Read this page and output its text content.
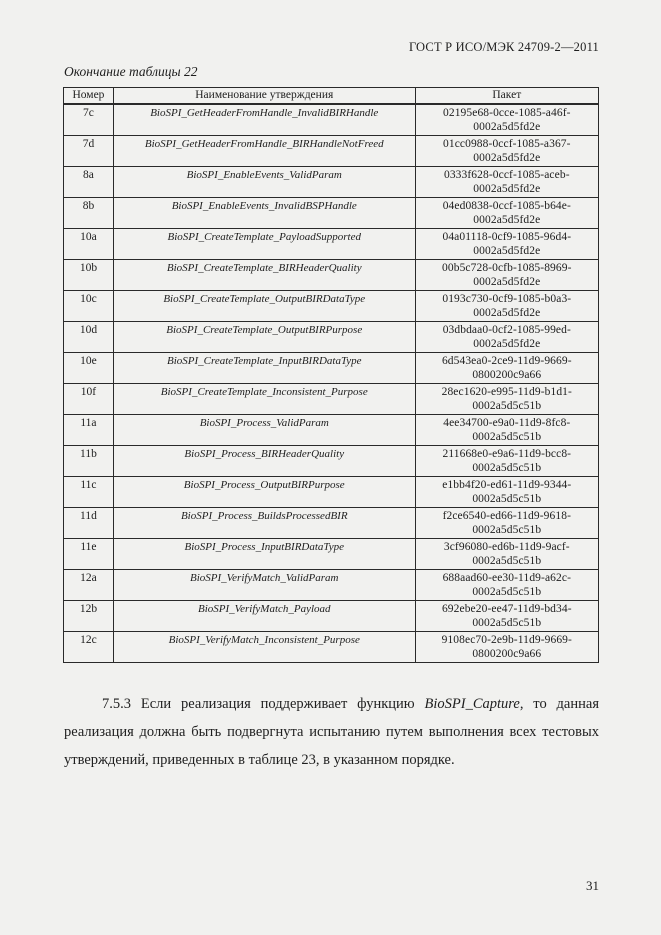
ГОСТ Р ИСО/МЭК 24709-2—2011
Окончание таблицы 22
Номер	Наименование утверждения	Пакет
7c	BioSPI_GetHeaderFromHandle_InvalidBIRHandle	02195e68-0cce-1085-a46f-
0002a5d5fd2e

7d	BioSPI_GetHeaderFromHandle_BIRHandleNotFreed	01cc0988-0ccf-1085-a367-
0002a5d5fd2e

8a	BioSPI_EnableEvents_ValidParam	0333f628-0ccf-1085-aceb-
0002a5d5fd2e

8b	BioSPI_EnableEvents_InvalidBSPHandle	04ed0838-0ccf-1085-b64e-
0002a5d5fd2e

10a	BioSPI_CreateTemplate_PayloadSupported	04a01118-0cf9-1085-96d4-
0002a5d5fd2e

10b	BioSPI_CreateTemplate_BIRHeaderQuality	00b5c728-0cfb-1085-8969-
0002a5d5fd2e

10c	BioSPI_CreateTemplate_OutputBIRDataType	0193c730-0cf9-1085-b0a3-
0002a5d5fd2e

10d	BioSPI_CreateTemplate_OutputBIRPurpose	03dbdaa0-0cf2-1085-99ed-
0002a5d5fd2e

10e	BioSPI_CreateTemplate_InputBIRDataType	6d543ea0-2ce9-11d9-9669-
0800200c9a66

10f	BioSPI_CreateTemplate_Inconsistent_Purpose	28ec1620-e995-11d9-b1d1-
0002a5d5c51b

11a	BioSPI_Process_ValidParam	4ee34700-e9a0-11d9-8fc8-
0002a5d5c51b

11b	BioSPI_Process_BIRHeaderQuality	211668e0-e9a6-11d9-bcc8-
0002a5d5c51b

11c	BioSPI_Process_OutputBIRPurpose	e1bb4f20-ed61-11d9-9344-
0002a5d5c51b

11d	BioSPI_Process_BuildsProcessedBIR	f2ce6540-ed66-11d9-9618-
0002a5d5c51b

11e	BioSPI_Process_InputBIRDataType	3cf96080-ed6b-11d9-9acf-
0002a5d5c51b

12a	BioSPI_VerifyMatch_ValidParam	688aad60-ee30-11d9-a62c-
0002a5d5c51b

12b	BioSPI_VerifyMatch_Payload	692ebe20-ee47-11d9-bd34-
0002a5d5c51b

12c	BioSPI_VerifyMatch_Inconsistent_Purpose	9108ec70-2e9b-11d9-9669-
0800200c9a66

7.5.3 Если реализация поддерживает функцию BioSPI_Capture, то данная реализация должна быть подвергнута испытанию путем выполнения всех тестовых утверждений, приведенных в таблице 23, в указанном порядке.

31
